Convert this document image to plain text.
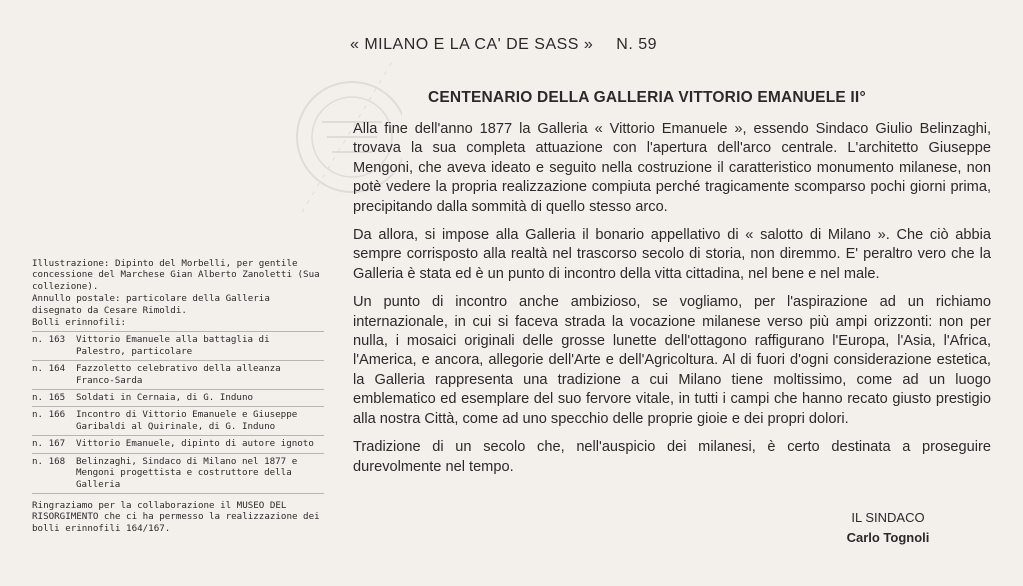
« MILANO E LA CA' DE SASS » N. 59
CENTENARIO DELLA GALLERIA VITTORIO EMANUELE II°

Alla fine dell'anno 1877 la Galleria « Vittorio Emanuele », essendo Sindaco Giulio Belinzaghi, trovava la sua completa attuazione con l'apertura dell'arco centrale. L'architetto Giuseppe Mengoni, che aveva ideato e seguito nella costruzione il caratteristico monumento milanese, non potè vedere la propria realizzazione compiuta perché tragicamente scomparso pochi giorni prima, precipitando dalla sommità di quello stesso arco.

Da allora, si impose alla Galleria il bonario appellativo di « salotto di Milano ». Che ciò abbia sempre corrisposto alla realtà nel trascorso secolo di storia, non diremmo. E' peraltro vero che la Galleria è stata ed è un punto di incontro della vitta cittadina, nel bene e nel male.

Un punto di incontro anche ambizioso, se vogliamo, per l'aspirazione ad un richiamo internazionale, in cui si faceva strada la vocazione milanese verso più ampi orizzonti: non per nulla, i mosaici originali delle grosse lunette dell'ottagono raffigurano l'Europa, l'Asia, l'Africa, l'America, e ancora, allegorie dell'Arte e dell'Agricoltura. Al di fuori d'ogni considerazione estetica, la Galleria rappresenta una tradizione a cui Milano tiene moltissimo, come ad un luogo emblematico ed esemplare del suo fervore vitale, in tutti i campi che hanno recato giusto prestigio alla nostra Città, come ad uno specchio delle proprie gioie e dei propri dolori.

Tradizione di un secolo che, nell'auspicio dei milanesi, è certo destinata a proseguire durevolmente nel tempo.

IL SINDACO
Carlo Tognoli

Illustrazione: Dipinto del Morbelli, per gentile concessione del Marchese Gian Alberto Zanoletti (Sua collezione).

Annullo postale: particolare della Galleria disegnato da Cesare Rimoldi.

Bolli erinnofili:

n. 163	Vittorio Emanuele alla battaglia di Palestro, particolare
n. 164	Fazzoletto celebrativo della alleanza Franco-Sarda
n. 165	Soldati in Cernaia, di G. Induno
n. 166	Incontro di Vittorio Emanuele e Giuseppe Garibaldi al Quirinale, di G. Induno
n. 167	Vittorio Emanuele, dipinto di autore ignoto
n. 168	Belinzaghi, Sindaco di Milano nel 1877 e Mengoni progettista e costruttore della Galleria

Ringraziamo per la collaborazione il MUSEO DEL RISORGIMENTO che ci ha permesso la realizzazione dei bolli erinnofili 164/167.
